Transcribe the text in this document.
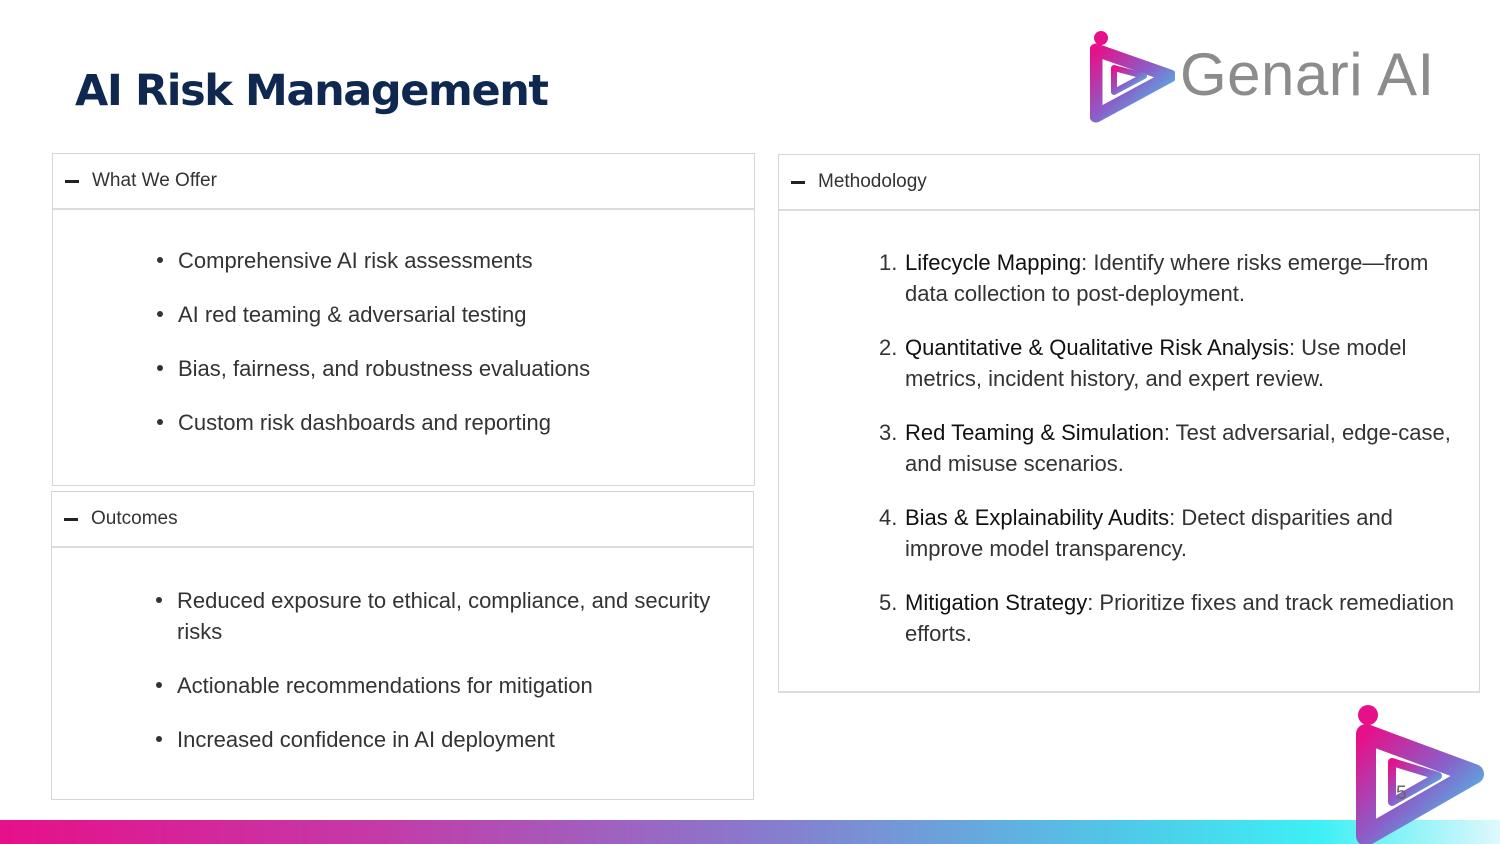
AI Risk Management	Genari AI
What We Offer
Comprehensive AI risk assessments
AI red teaming & adversarial testing
Bias, fairness, and robustness evaluations
Custom risk dashboards and reporting
Outcomes
Reduced exposure to ethical, compliance, and security risks
Actionable recommendations for mitigation
Increased confidence in AI deployment
Methodology
1. Lifecycle Mapping: Identify where risks emerge—from data collection to post-deployment.
2. Quantitative & Qualitative Risk Analysis: Use model metrics, incident history, and expert review.
3. Red Teaming & Simulation: Test adversarial, edge-case, and misuse scenarios.
4. Bias & Explainability Audits: Detect disparities and improve model transparency.
5. Mitigation Strategy: Prioritize fixes and track remediation efforts.
5
